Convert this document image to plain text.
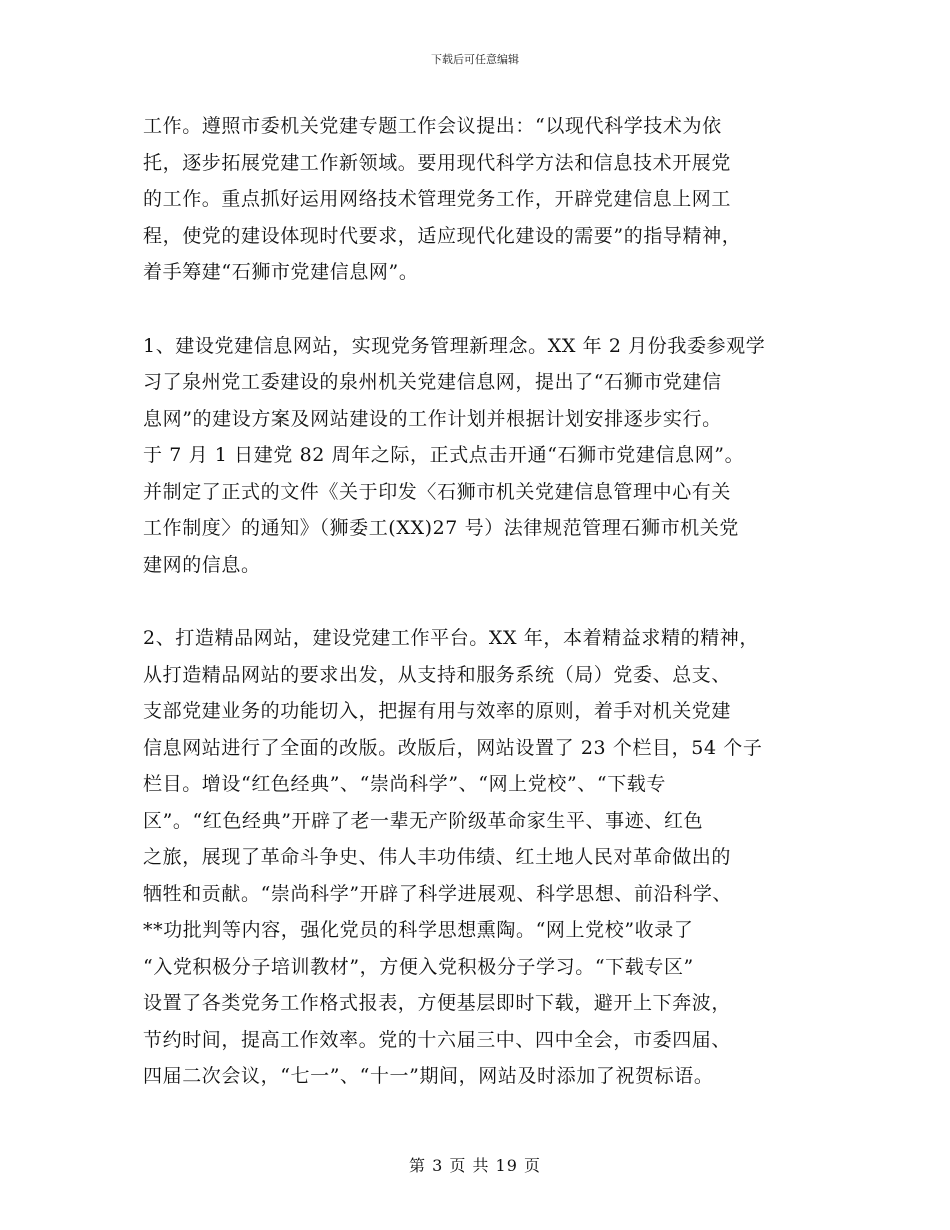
下载后可任意编辑

工作。遵照市委机关党建专题工作会议提出：“以现代科学技术为依
托，逐步拓展党建工作新领域。要用现代科学方法和信息技术开展党
的工作。重点抓好运用网络技术管理党务工作，开辟党建信息上网工
程，使党的建设体现时代要求，适应现代化建设的需要”的指导精神，
着手筹建“石狮市党建信息网”。

1、建设党建信息网站，实现党务管理新理念。XX 年 2 月份我委参观学
习了泉州党工委建设的泉州机关党建信息网，提出了“石狮市党建信
息网”的建设方案及网站建设的工作计划并根据计划安排逐步实行。
于 7 月 1 日建党 82 周年之际，正式点击开通“石狮市党建信息网”。
并制定了正式的文件《关于印发〈石狮市机关党建信息管理中心有关
工作制度〉的通知》（狮委工(XX)27 号）法律规范管理石狮市机关党
建网的信息。

2、打造精品网站，建设党建工作平台。XX 年，本着精益求精的精神，
从打造精品网站的要求出发，从支持和服务系统（局）党委、总支、
支部党建业务的功能切入，把握有用与效率的原则，着手对机关党建
信息网站进行了全面的改版。改版后，网站设置了 23 个栏目，54 个子
栏目。增设“红色经典”、“崇尚科学”、“网上党校”、“下载专
区”。“红色经典”开辟了老一辈无产阶级革命家生平、事迹、红色
之旅，展现了革命斗争史、伟人丰功伟绩、红土地人民对革命做出的
牺牲和贡献。“崇尚科学”开辟了科学进展观、科学思想、前沿科学、
**功批判等内容，强化党员的科学思想熏陶。“网上党校”收录了
“入党积极分子培训教材”，方便入党积极分子学习。“下载专区”
设置了各类党务工作格式报表，方便基层即时下载，避开上下奔波，
节约时间，提高工作效率。党的十六届三中、四中全会，市委四届、
四届二次会议，“七一”、“十一”期间，网站及时添加了祝贺标语。

第 3 页 共 19 页
